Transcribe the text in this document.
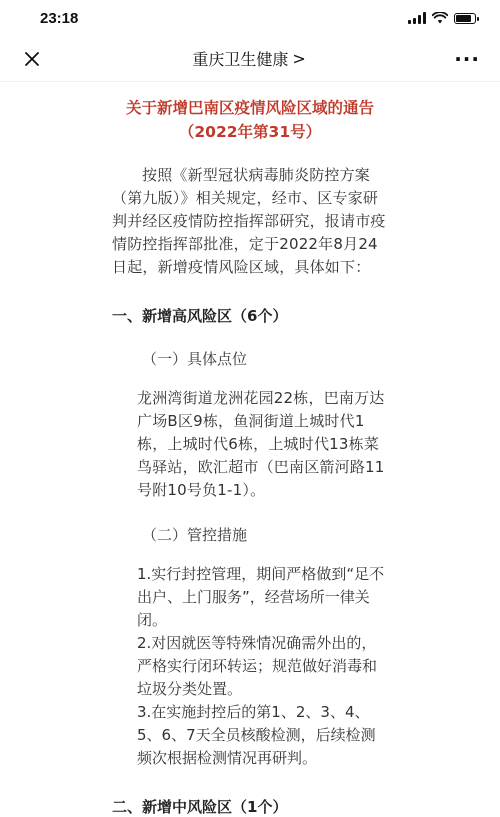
23:18
重庆卫生健康 >	···
关于新增巴南区疫情风险区域的通告
（2022年第31号）

按照《新型冠状病毒肺炎防控方案（第九版）》相关规定，经市、区专家研判并经区疫情防控指挥部研究，报请市疫情防控指挥部批准，定于2022年8月24日起，新增疫情风险区域，具体如下：

一、新增高风险区（6个）
（一）具体点位

龙洲湾街道龙洲花园22栋，巴南万达广场B区9栋，鱼洞街道上城时代1栋，上城时代6栋，上城时代13栋菜鸟驿站，欧汇超市（巴南区箭河路11号附10号负1-1）。

（二）管控措施
1.实行封控管理，期间严格做到“足不出户、上门服务”，经营场所一律关闭。
2.对因就医等特殊情况确需外出的，严格实行闭环转运；规范做好消毒和垃圾分类处置。
3.在实施封控后的第1、2、3、4、5、6、7天全员核酸检测，后续检测频次根据检测情况再研判。
二、新增中风险区（1个）
